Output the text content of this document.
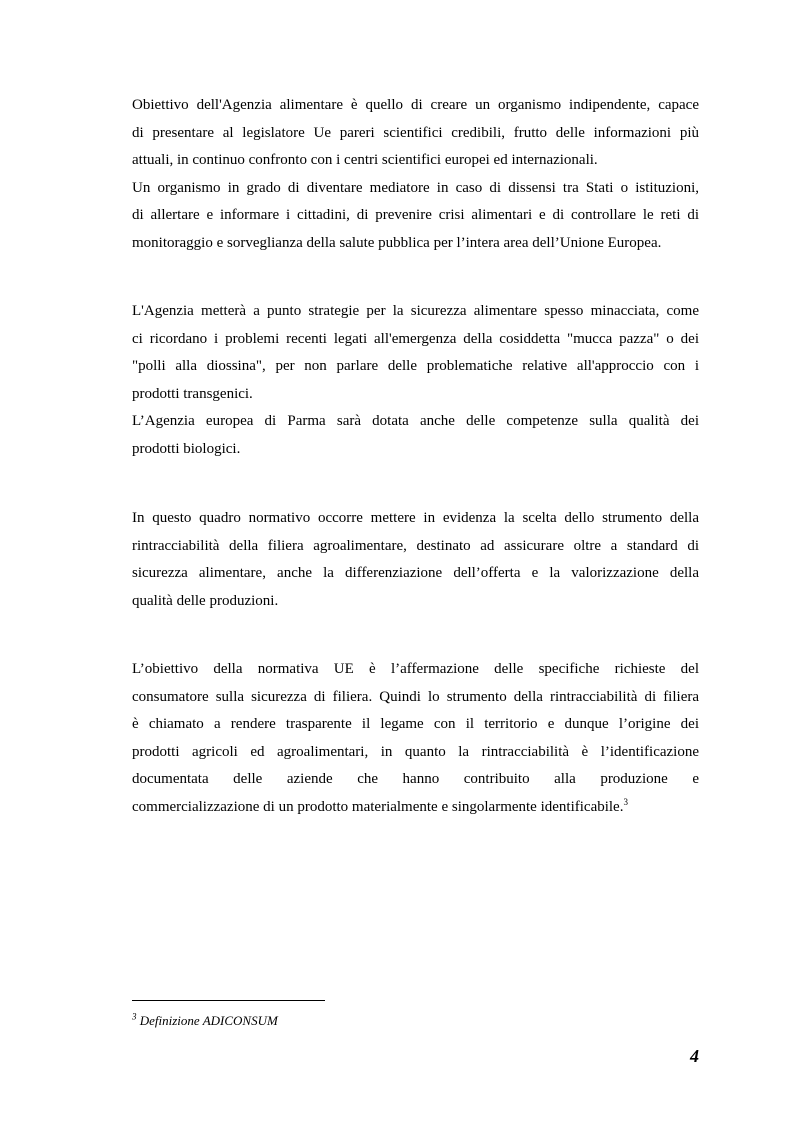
Obiettivo dell'Agenzia alimentare è quello di creare un organismo indipendente, capace

di presentare al legislatore Ue pareri scientifici credibili, frutto delle informazioni più

attuali, in continuo confronto con i centri scientifici europei ed internazionali.

Un organismo in grado di diventare mediatore in caso di dissensi tra Stati o istituzioni,

di allertare e informare i cittadini, di prevenire crisi alimentari e di controllare le reti di

monitoraggio e sorveglianza della salute pubblica per l’intera area dell’Unione Europea.

L'Agenzia metterà a punto strategie per la sicurezza alimentare spesso minacciata, come

ci ricordano i problemi recenti legati all'emergenza della cosiddetta "mucca pazza" o dei

"polli alla diossina", per non parlare delle problematiche relative all'approccio con i

prodotti transgenici.

L’Agenzia europea di Parma sarà dotata anche delle competenze sulla qualità dei

prodotti biologici.

In questo quadro normativo occorre mettere in evidenza la scelta dello strumento della

rintracciabilità della filiera agroalimentare, destinato ad assicurare oltre a standard di

sicurezza alimentare, anche la differenziazione dell’offerta e la valorizzazione della

qualità delle produzioni.

L’obiettivo della normativa UE è l’affermazione delle specifiche richieste del

consumatore sulla sicurezza di filiera. Quindi lo strumento della rintracciabilità di filiera

è chiamato a rendere trasparente il legame con il territorio e dunque l’origine dei

prodotti agricoli ed agroalimentari, in quanto la rintracciabilità è l’identificazione

documentata delle aziende che hanno contribuito alla produzione e

commercializzazione di un prodotto materialmente e singolarmente identificabile.$^3$

$^3$ Definizione ADICONSUM
4
